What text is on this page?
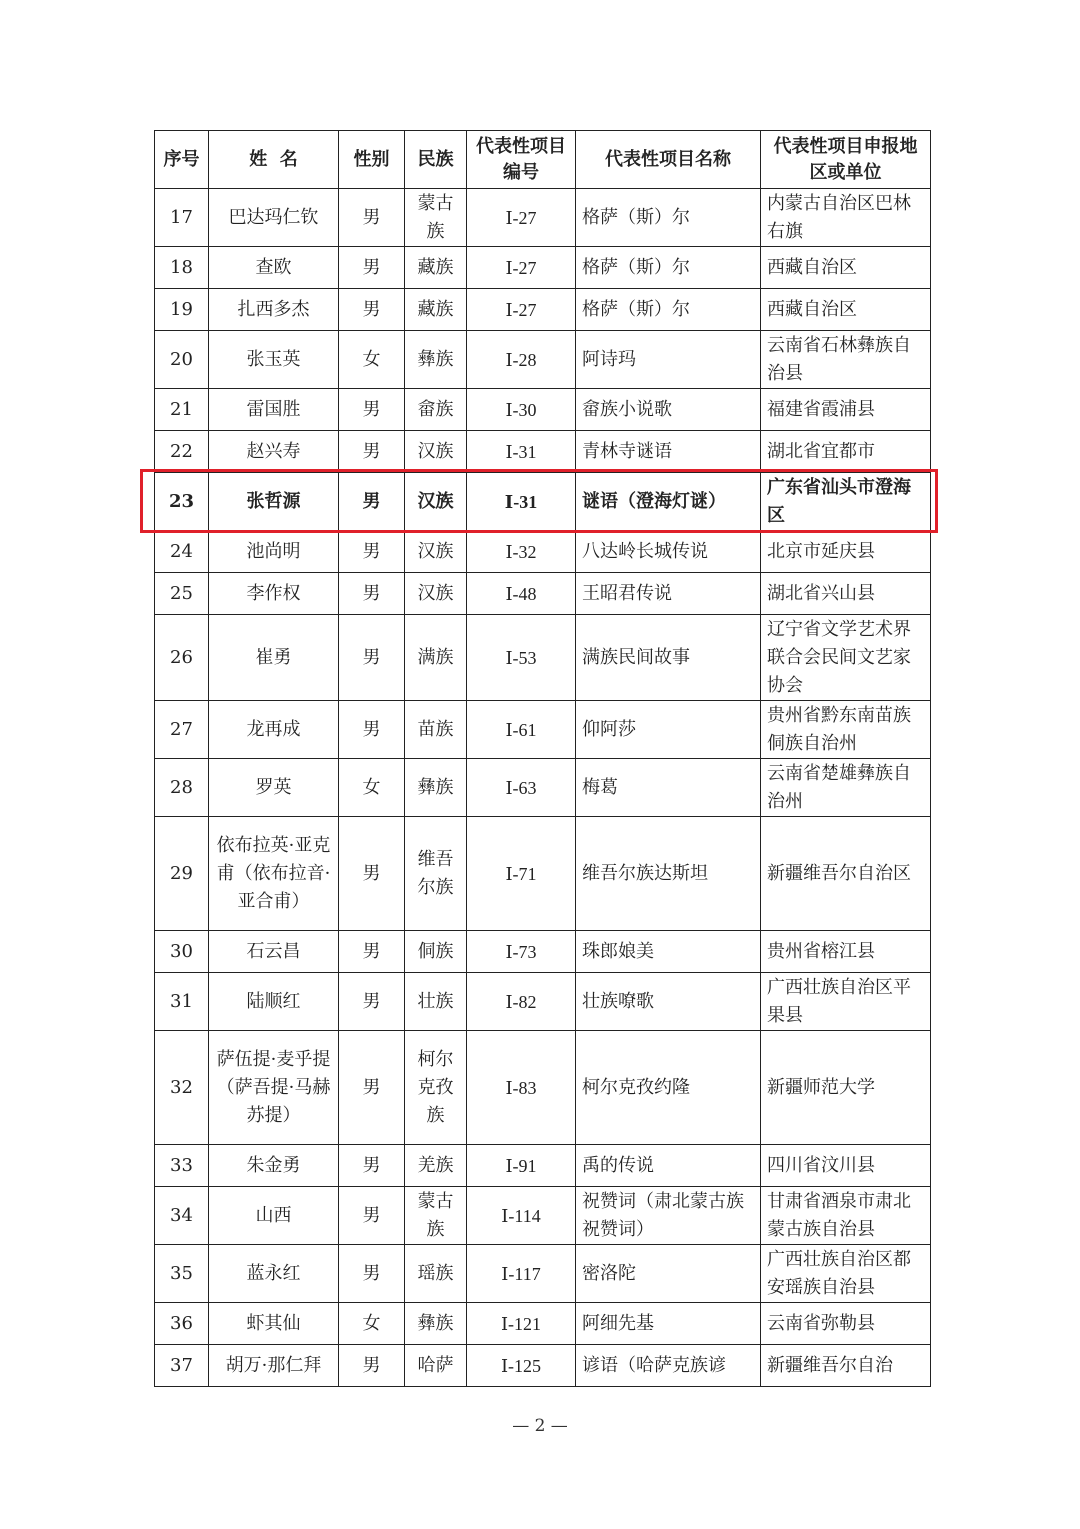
序号	姓  名	性别	民族	代表性项目编号	代表性项目名称	代表性项目申报地区或单位
17	巴达玛仁钦	男	蒙古族	Ⅰ-27	格萨（斯）尔	内蒙古自治区巴林右旗
18	查欧	男	藏族	Ⅰ-27	格萨（斯）尔	西藏自治区
19	扎西多杰	男	藏族	Ⅰ-27	格萨（斯）尔	西藏自治区
20	张玉英	女	彝族	Ⅰ-28	阿诗玛	云南省石林彝族自治县
21	雷国胜	男	畲族	Ⅰ-30	畲族小说歌	福建省霞浦县
22	赵兴寿	男	汉族	Ⅰ-31	青林寺谜语	湖北省宜都市
23	张哲源	男	汉族	Ⅰ-31	谜语（澄海灯谜）	广东省汕头市澄海区
24	池尚明	男	汉族	Ⅰ-32	八达岭长城传说	北京市延庆县
25	李作权	男	汉族	Ⅰ-48	王昭君传说	湖北省兴山县
26	崔勇	男	满族	Ⅰ-53	满族民间故事	辽宁省文学艺术界联合会民间文艺家协会
27	龙再成	男	苗族	Ⅰ-61	仰阿莎	贵州省黔东南苗族侗族自治州
28	罗英	女	彝族	Ⅰ-63	梅葛	云南省楚雄彝族自治州
29	依布拉英·亚克甫（依布拉音·亚合甫）	男	维吾尔族	Ⅰ-71	维吾尔族达斯坦	新疆维吾尔自治区
30	石云昌	男	侗族	Ⅰ-73	珠郎娘美	贵州省榕江县
31	陆顺红	男	壮族	Ⅰ-82	壮族嘹歌	广西壮族自治区平果县
32	萨伍提·麦乎提（萨吾提·马赫苏提）	男	柯尔克孜族	Ⅰ-83	柯尔克孜约隆	新疆师范大学
33	朱金勇	男	羌族	Ⅰ-91	禹的传说	四川省汶川县
34	山西	男	蒙古族	Ⅰ-114	祝赞词（肃北蒙古族祝赞词）	甘肃省酒泉市肃北蒙古族自治县
35	蓝永红	男	瑶族	Ⅰ-117	密洛陀	广西壮族自治区都安瑶族自治县
36	虾其仙	女	彝族	Ⅰ-121	阿细先基	云南省弥勒县
37	胡万·那仁拜	男	哈萨	Ⅰ-125	谚语（哈萨克族谚	新疆维吾尔自治
— 2 —
